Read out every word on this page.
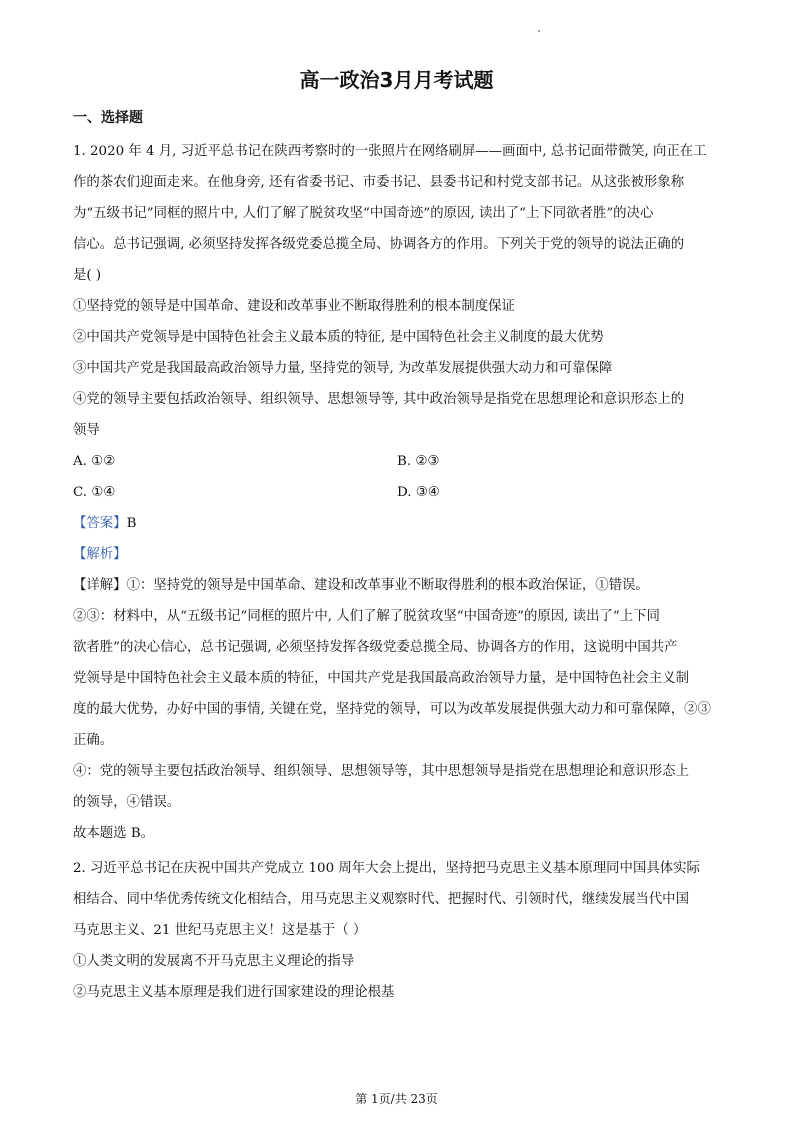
高一政治3月月考试题
一、选择题

1. 2020 年 4 月, 习近平总书记在陕西考察时的一张照片在网络刷屏——画面中, 总书记面带微笑, 向正在工

作的茶农们迎面走来。在他身旁, 还有省委书记、市委书记、县委书记和村党支部书记。从这张被形象称

为“五级书记”同框的照片中, 人们了解了脱贫攻坚“中国奇迹”的原因, 读出了“上下同欲者胜”的决心

信心。总书记强调, 必须坚持发挥各级党委总揽全局、协调各方的作用。下列关于党的领导的说法正确的

是( )

①坚持党的领导是中国革命、建设和改革事业不断取得胜利的根本制度保证

②中国共产党领导是中国特色社会主义最本质的特征, 是中国特色社会主义制度的最大优势

③中国共产党是我国最高政治领导力量, 坚持党的领导, 为改革发展提供强大动力和可靠保障

④党的领导主要包括政治领导、组织领导、思想领导等, 其中政治领导是指党在思想理论和意识形态上的

领导

A. ①②	B. ②③
C. ①④	D. ③④

【答案】B

【解析】

【详解】①：坚持党的领导是中国革命、建设和改革事业不断取得胜利的根本政治保证，①错误。

②③：材料中，从“五级书记”同框的照片中, 人们了解了脱贫攻坚“中国奇迹”的原因, 读出了“上下同

欲者胜”的决心信心，总书记强调, 必须坚持发挥各级党委总揽全局、协调各方的作用，这说明中国共产

党领导是中国特色社会主义最本质的特征，中国共产党是我国最高政治领导力量，是中国特色社会主义制

度的最大优势，办好中国的事情, 关键在党，坚持党的领导，可以为改革发展提供强大动力和可靠保障，②③

正确。

④：党的领导主要包括政治领导、组织领导、思想领导等，其中思想领导是指党在思想理论和意识形态上

的领导，④错误。

故本题选 B。

2. 习近平总书记在庆祝中国共产党成立 100 周年大会上提出，坚持把马克思主义基本原理同中国具体实际

相结合、同中华优秀传统文化相结合，用马克思主义观察时代、把握时代、引领时代，继续发展当代中国

马克思主义、21 世纪马克思主义！这是基于（ ）

①人类文明的发展离不开马克思主义理论的指导

②马克思主义基本原理是我们进行国家建设的理论根基

第 1页/共 23页
